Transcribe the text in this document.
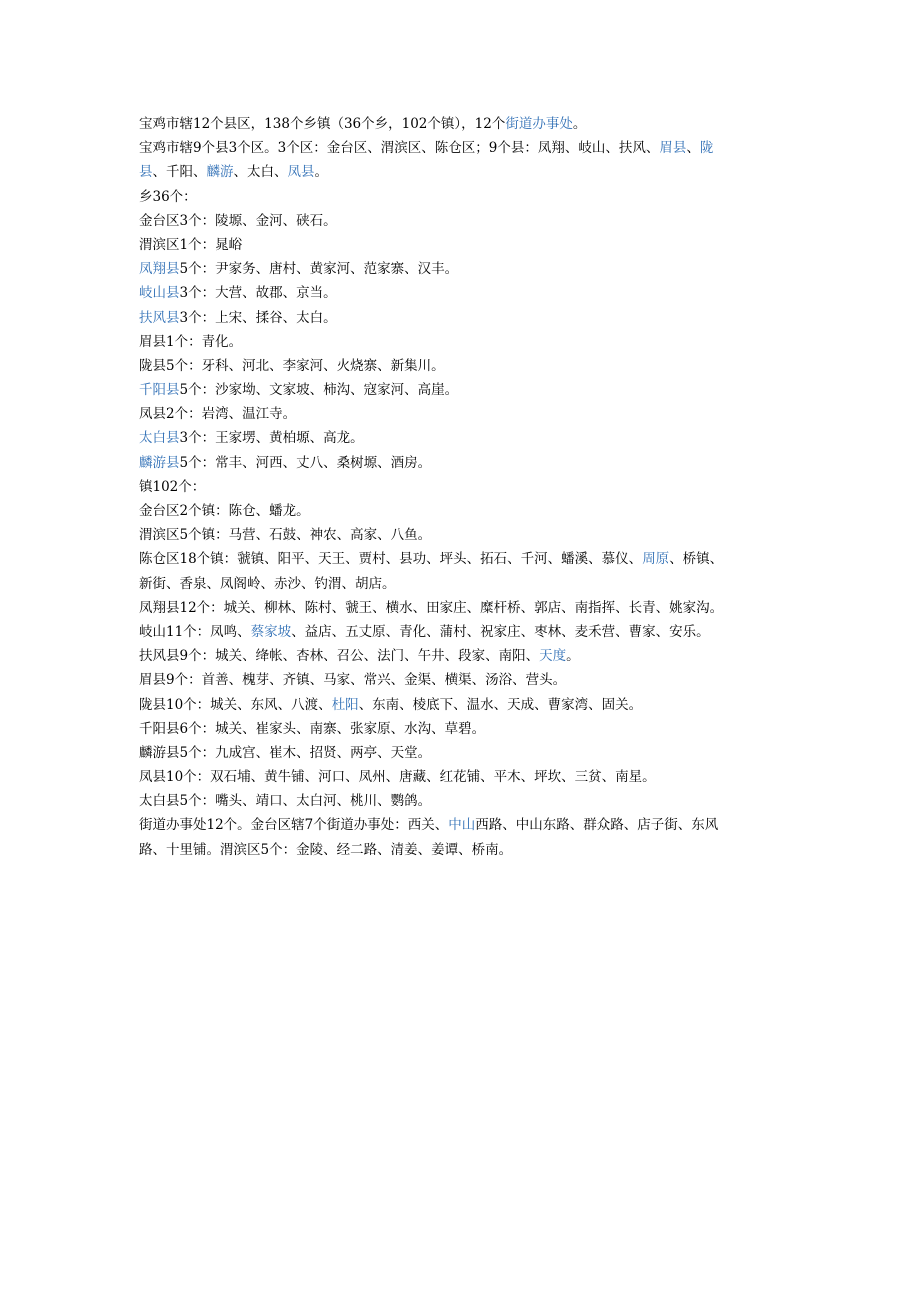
宝鸡市辖12个县区，138个乡镇（36个乡，102个镇），12个街道办事处。
宝鸡市辖9个县3个区。3个区：金台区、渭滨区、陈仓区；9个县：凤翔、岐山、扶风、眉县、陇
县、千阳、麟游、太白、凤县。
乡36个：
金台区3个：陵塬、金河、硖石。
渭滨区1个：晁峪
凤翔县5个：尹家务、唐村、黄家河、范家寨、汉丰。
岐山县3个：大营、故郡、京当。
扶风县3个：上宋、揉谷、太白。
眉县1个：青化。
陇县5个：牙科、河北、李家河、火烧寨、新集川。
千阳县5个：沙家坳、文家坡、柿沟、寇家河、高崖。
凤县2个：岩湾、温江寺。
太白县3个：王家塄、黄柏塬、高龙。
麟游县5个：常丰、河西、丈八、桑树塬、酒房。
镇102个：
金台区2个镇：陈仓、蟠龙。
渭滨区5个镇：马营、石鼓、神农、高家、八鱼。
陈仓区18个镇：虢镇、阳平、天王、贾村、县功、坪头、拓石、千河、蟠溪、慕仪、周原、桥镇、
新街、香泉、凤阁岭、赤沙、钓渭、胡店。
凤翔县12个：城关、柳林、陈村、虢王、横水、田家庄、糜杆桥、郭店、南指挥、长青、姚家沟。
岐山11个：凤鸣、蔡家坡、益店、五丈原、青化、蒲村、祝家庄、枣林、麦禾营、曹家、安乐。
扶风县9个：城关、绛帐、杏林、召公、法门、午井、段家、南阳、天度。
眉县9个：首善、槐芽、齐镇、马家、常兴、金渠、横渠、汤浴、营头。
陇县10个：城关、东风、八渡、杜阳、东南、棱底下、温水、天成、曹家湾、固关。
千阳县6个：城关、崔家头、南寨、张家原、水沟、草碧。
麟游县5个：九成宫、崔木、招贤、两亭、天堂。
凤县10个：双石埔、黄牛铺、河口、凤州、唐藏、红花铺、平木、坪坎、三贫、南星。
太白县5个：嘴头、靖口、太白河、桃川、鹦鸽。
街道办事处12个。金台区辖7个街道办事处：西关、中山西路、中山东路、群众路、店子街、东风
路、十里铺。渭滨区5个：金陵、经二路、清姜、姜谭、桥南。
